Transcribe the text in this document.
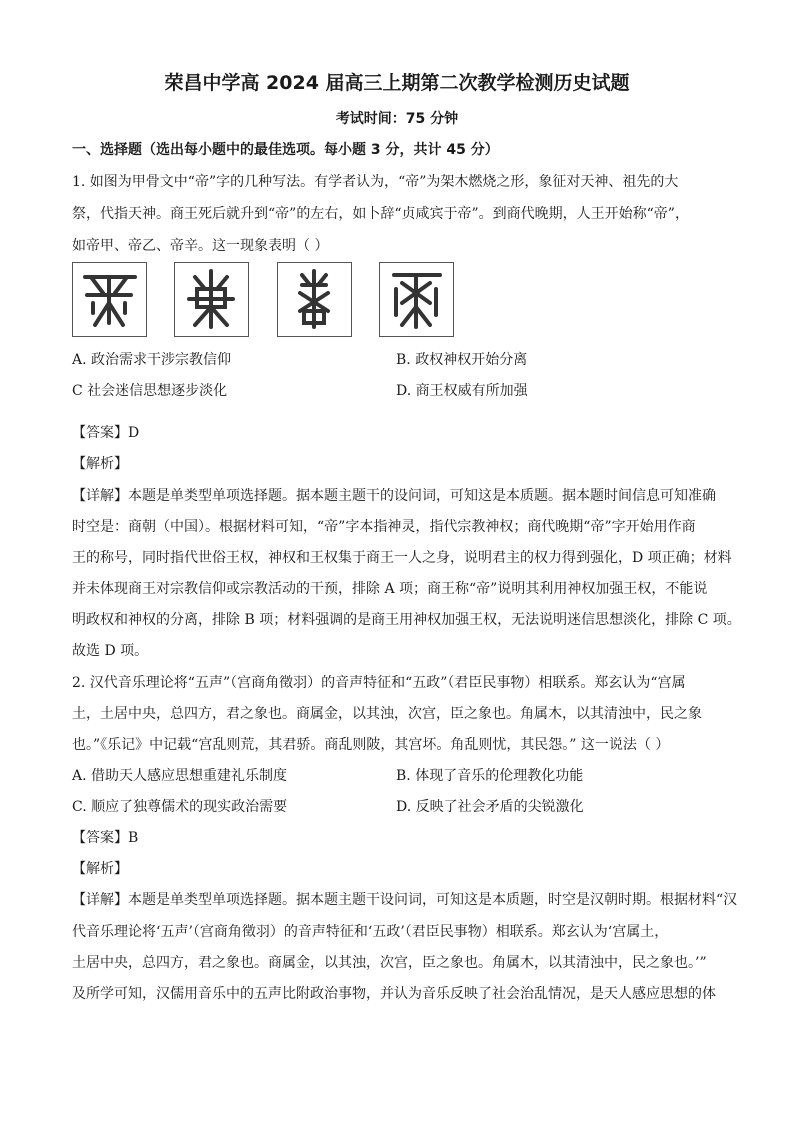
荣昌中学高 2024 届高三上期第二次教学检测历史试题
考试时间：75 分钟
一、选择题（选出每小题中的最佳选项。每小题 3 分，共计 45 分）
1. 如图为甲骨文中“帝”字的几种写法。有学者认为，“帝”为架木燃烧之形，象征对天神、祖先的大
祭，代指天神。商王死后就升到“帝”的左右，如卜辞“贞咸宾于帝”。到商代晚期，人王开始称“帝”，
如帝甲、帝乙、帝辛。这一现象表明（ ）
A. 政治需求干涉宗教信仰	B. 政权神权开始分离
C 社会迷信思想逐步淡化	D. 商王权威有所加强
【答案】D
【解析】
【详解】本题是单类型单项选择题。据本题主题干的设问词，可知这是本质题。据本题时间信息可知准确
时空是：商朝（中国）。根据材料可知，“帝”字本指神灵，指代宗教神权；商代晚期“帝”字开始用作商
王的称号，同时指代世俗王权，神权和王权集于商王一人之身，说明君主的权力得到强化，D 项正确；材料
并未体现商王对宗教信仰或宗教活动的干预，排除 A 项；商王称“帝”说明其利用神权加强王权，不能说
明政权和神权的分离，排除 B 项；材料强调的是商王用神权加强王权，无法说明迷信思想淡化，排除 C 项。
故选 D 项。
2. 汉代音乐理论将“五声”（宫商角徵羽）的音声特征和“五政”（君臣民事物）相联系。郑玄认为“宫属
土，土居中央，总四方，君之象也。商属金，以其浊，次宫，臣之象也。角属木，以其清浊中，民之象
也。”《乐记》中记载“宫乱则荒，其君骄。商乱则陂，其宫坏。角乱则忧，其民怨。” 这一说法（ ）
A. 借助天人感应思想重建礼乐制度	B. 体现了音乐的伦理教化功能
C. 顺应了独尊儒术的现实政治需要	D. 反映了社会矛盾的尖锐激化
【答案】B
【解析】
【详解】本题是单类型单项选择题。据本题主题干设问词，可知这是本质题，时空是汉朝时期。根据材料“汉
代音乐理论将‘五声’（宫商角徵羽）的音声特征和‘五政’（君臣民事物）相联系。郑玄认为‘宫属土，
土居中央，总四方，君之象也。商属金，以其浊，次宫，臣之象也。角属木，以其清浊中，民之象也。’”
及所学可知，汉儒用音乐中的五声比附政治事物，并认为音乐反映了社会治乱情况，是天人感应思想的体
